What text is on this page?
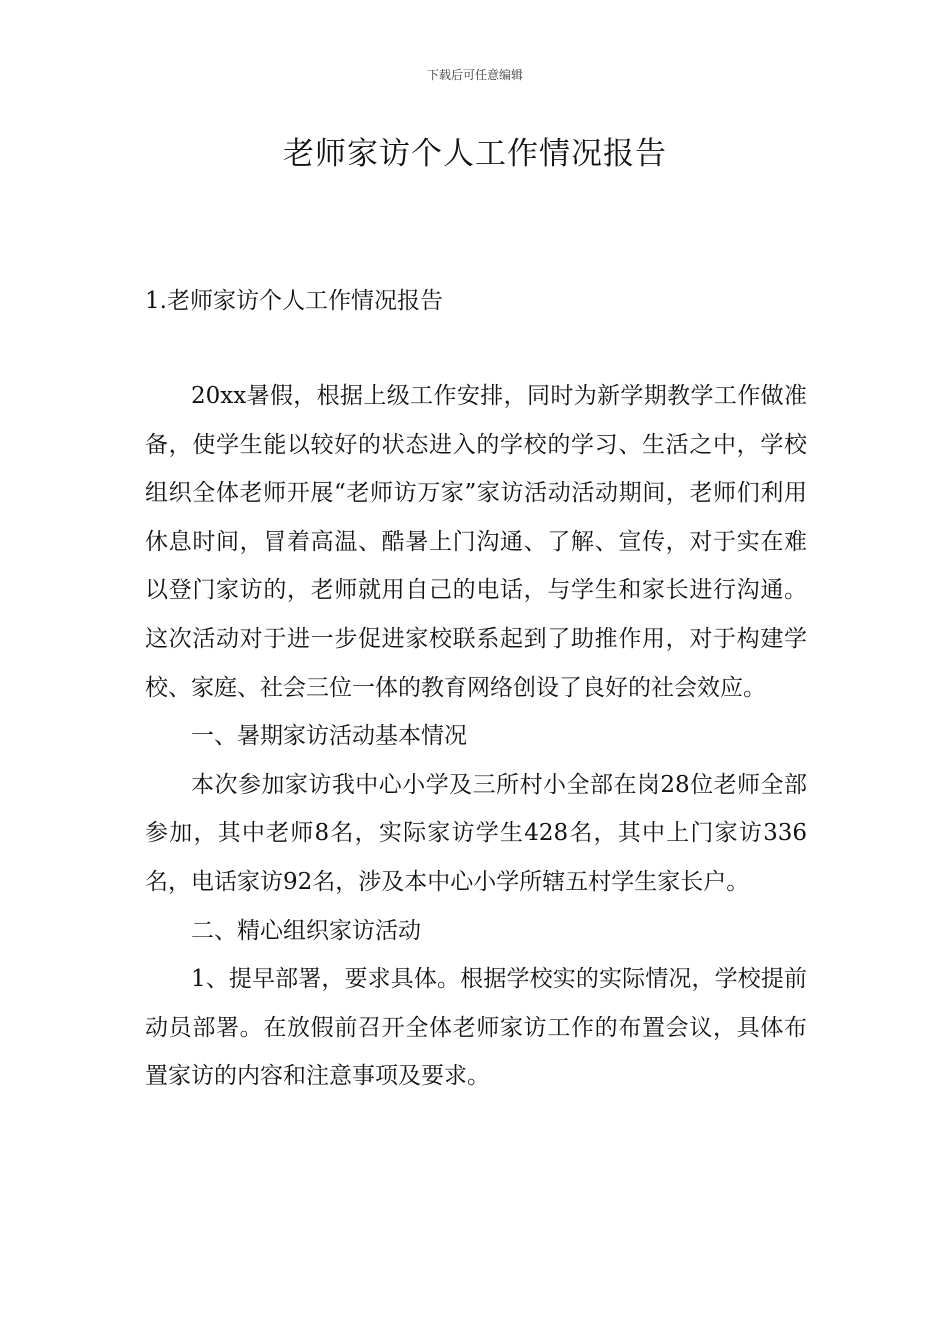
下载后可任意编辑
老师家访个人工作情况报告
1.老师家访个人工作情况报告

20xx暑假，根据上级工作安排，同时为新学期教学工作做准备，使学生能以较好的状态进入的学校的学习、生活之中，学校组织全体老师开展“老师访万家”家访活动活动期间，老师们利用休息时间，冒着高温、酷暑上门沟通、了解、宣传，对于实在难以登门家访的，老师就用自己的电话，与学生和家长进行沟通。这次活动对于进一步促进家校联系起到了助推作用，对于构建学校、家庭、社会三位一体的教育网络创设了良好的社会效应。

一、暑期家访活动基本情况

本次参加家访我中心小学及三所村小全部在岗28位老师全部参加，其中老师8名，实际家访学生428名，其中上门家访336名，电话家访92名，涉及本中心小学所辖五村学生家长户。

二、精心组织家访活动

1、提早部署，要求具体。根据学校实的实际情况，学校提前动员部署。在放假前召开全体老师家访工作的布置会议，具体布置家访的内容和注意事项及要求。
